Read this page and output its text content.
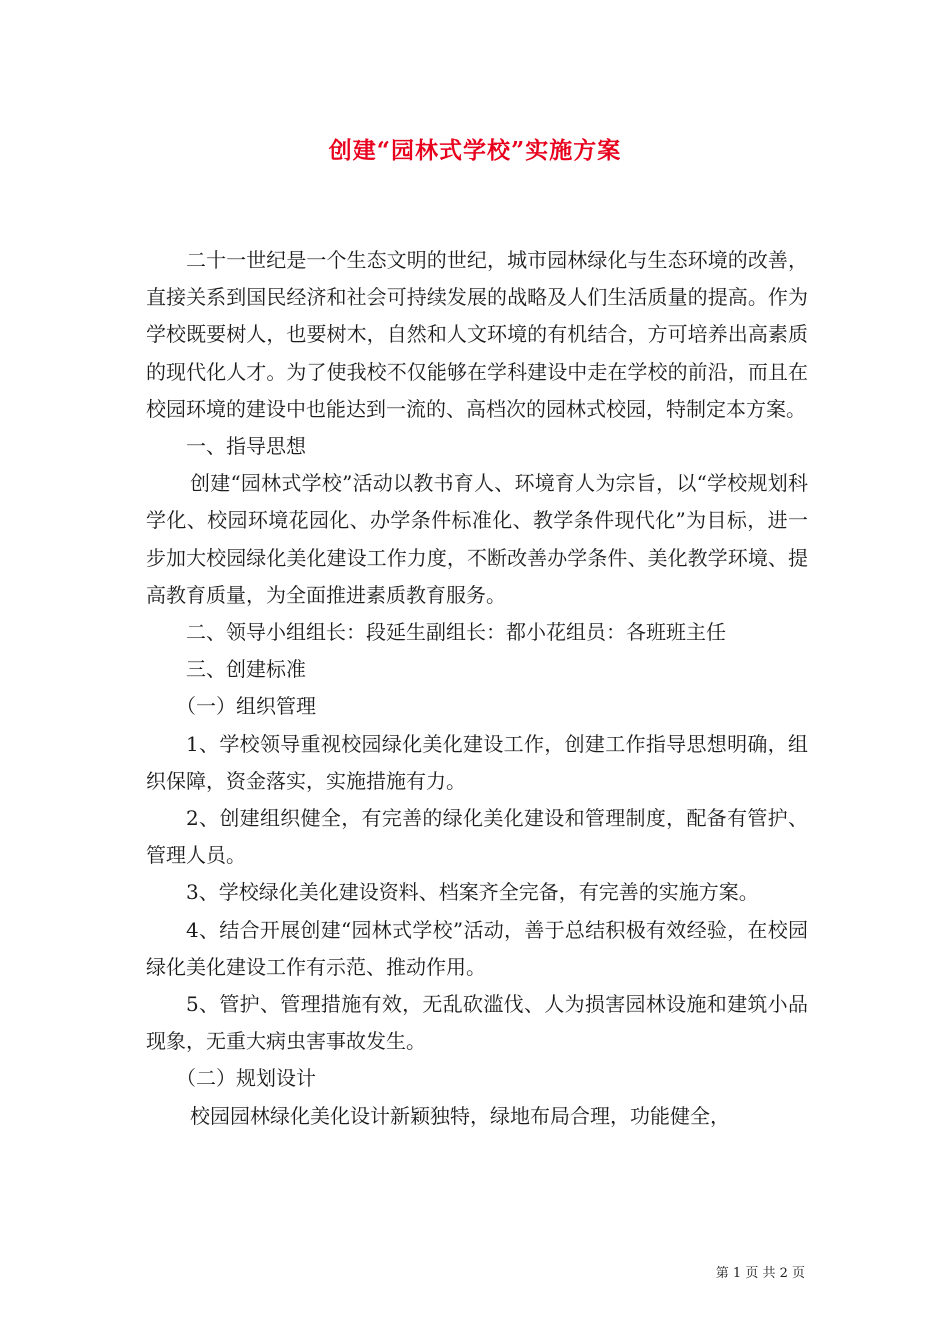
创建“园林式学校”实施方案

二十一世纪是一个生态文明的世纪，城市园林绿化与生态环境的改善，直接关系到国民经济和社会可持续发展的战略及人们生活质量的提高。作为学校既要树人，也要树木，自然和人文环境的有机结合，方可培养出高素质的现代化人才。为了使我校不仅能够在学科建设中走在学校的前沿，而且在校园环境的建设中也能达到一流的、高档次的园林式校园，特制定本方案。

一、指导思想

创建“园林式学校”活动以教书育人、环境育人为宗旨，以“学校规划科学化、校园环境花园化、办学条件标准化、教学条件现代化”为目标，进一步加大校园绿化美化建设工作力度，不断改善办学条件、美化教学环境、提高教育质量，为全面推进素质教育服务。

二、领导小组组长：段延生副组长：都小花组员：各班班主任

三、创建标准

（一）组织管理

1、学校领导重视校园绿化美化建设工作，创建工作指导思想明确，组织保障，资金落实，实施措施有力。

2、创建组织健全，有完善的绿化美化建设和管理制度，配备有管护、管理人员。

3、学校绿化美化建设资料、档案齐全完备，有完善的实施方案。

4、结合开展创建“园林式学校”活动，善于总结积极有效经验，在校园绿化美化建设工作有示范、推动作用。

5、管护、管理措施有效，无乱砍滥伐、人为损害园林设施和建筑小品现象，无重大病虫害事故发生。

（二）规划设计

校园园林绿化美化设计新颖独特，绿地布局合理，功能健全，

第 1 页 共 2 页
